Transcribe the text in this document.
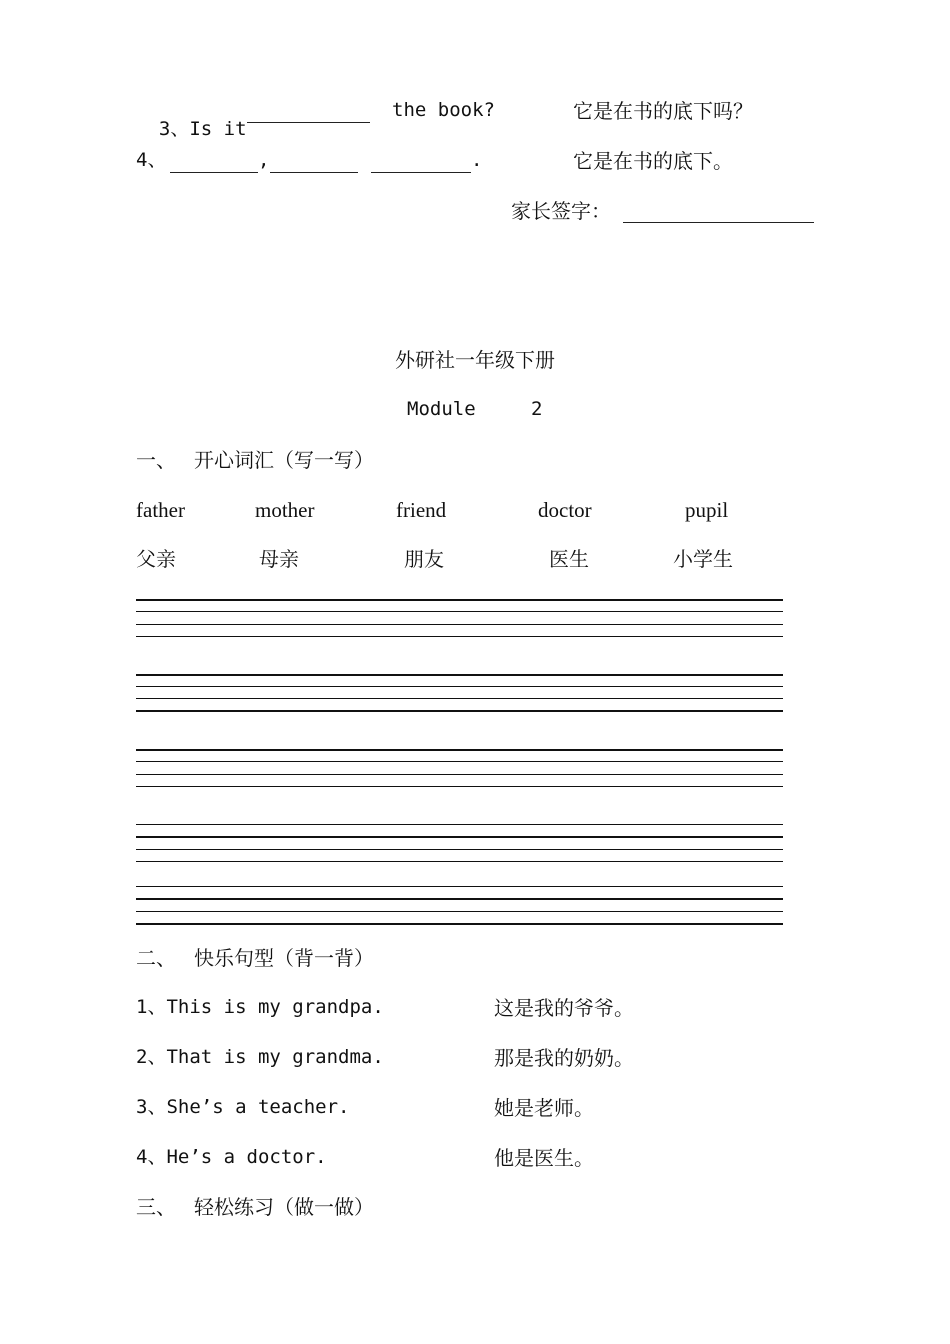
3、Is it

the book?	它是在书的底下吗？
4、	,	.	它是在书的底下。
家长签字：
外研社一年级下册
Module	2
一、 开心词汇（写一写）
father	mother	friend	doctor	pupil
父亲	母亲	朋友	医生	小学生
二、 快乐句型（背一背）
1、This is my grandpa.	这是我的爷爷。
2、That is my grandma.	那是我的奶奶。
3、She’s a teacher.	她是老师。
4、He’s a doctor.	他是医生。
三、 轻松练习（做一做）
